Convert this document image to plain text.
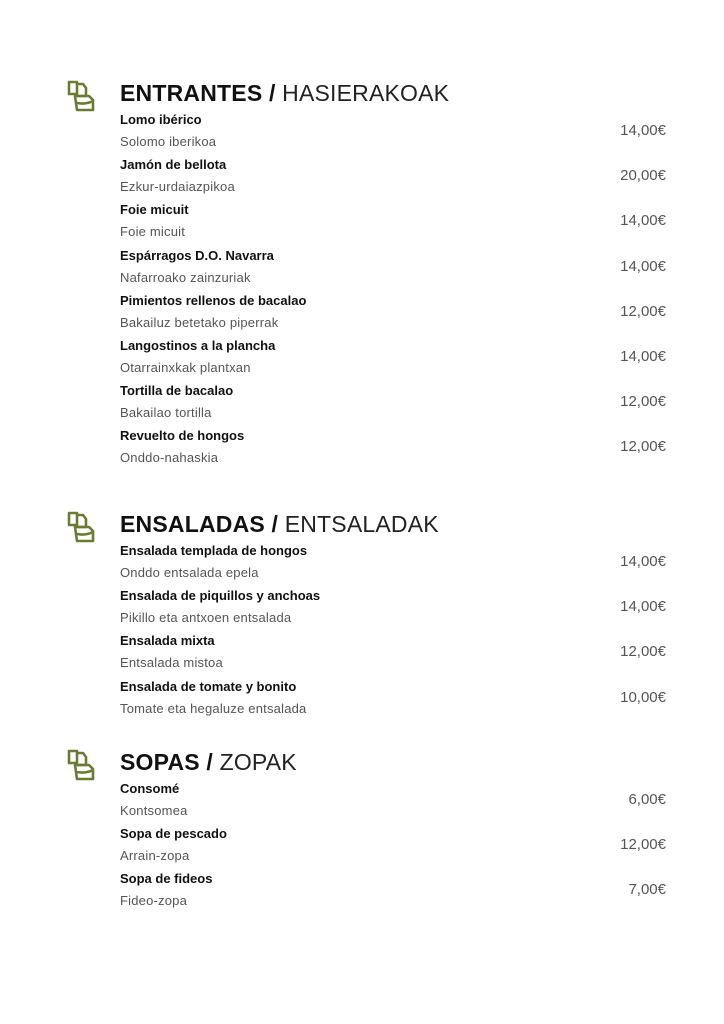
ENTRANTES / HASIERAKOAK
Lomo ibérico
Solomo iberikoa
14,00€
Jamón de bellota
Ezkur-urdaiazpikoa
20,00€
Foie micuit
Foie micuit
14,00€
Espárragos D.O. Navarra
Nafarroako zainzuriak
14,00€
Pimientos rellenos de bacalao
Bakailuz betetako piperrak
12,00€
Langostinos a la plancha
Otarrainxkak plantxan
14,00€
Tortilla de bacalao
Bakailao tortilla
12,00€
Revuelto de hongos
Onddo-nahaskia
12,00€
ENSALADAS / ENTSALADAK
Ensalada templada de hongos
Onddo entsalada epela
14,00€
Ensalada de piquillos y anchoas
Pikillo eta antxoen entsalada
14,00€
Ensalada mixta
Entsalada mistoa
12,00€
Ensalada de tomate y bonito
Tomate eta hegaluze entsalada
10,00€
SOPAS / ZOPAK
Consomé
Kontsomea
6,00€
Sopa de pescado
Arrain-zopa
12,00€
Sopa de fideos
Fideo-zopa
7,00€
